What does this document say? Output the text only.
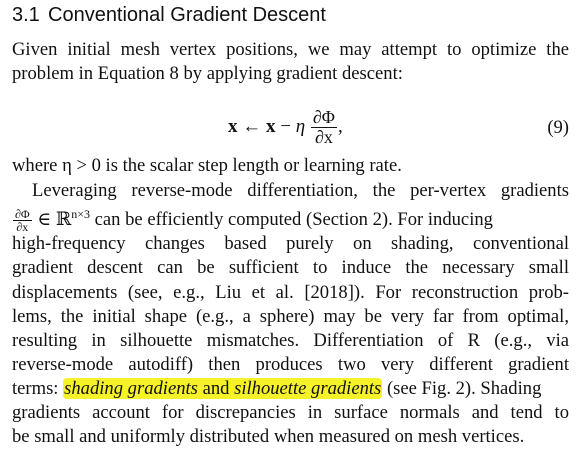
3.1 Conventional Gradient Descent
Given initial mesh vertex positions, we may attempt to optimize the
problem in Equation 8 by applying gradient descent:
x ← x − η $\frac{\partial\Phi}{\partial x}$ ,	(9)
where η > 0 is the scalar step length or learning rate.
Leveraging reverse-mode differentiation, the per-vertex gradients
$\frac{\partial\Phi}{\partial x}$ ∈ ℝ$^{n\times 3}$ can be efficiently computed (Section 2). For inducing
high-frequency changes based purely on shading, conventional
gradient descent can be sufficient to induce the necessary small
displacements (see, e.g., Liu et al. [2018]). For reconstruction prob-
lems, the initial shape (e.g., a sphere) may be very far from optimal,
resulting in silhouette mismatches. Differentiation of R (e.g., via
reverse-mode autodiff) then produces two very different gradient
terms: shading gradients and silhouette gradients (see Fig. 2). Shading
gradients account for discrepancies in surface normals and tend to
be small and uniformly distributed when measured on mesh vertices.
